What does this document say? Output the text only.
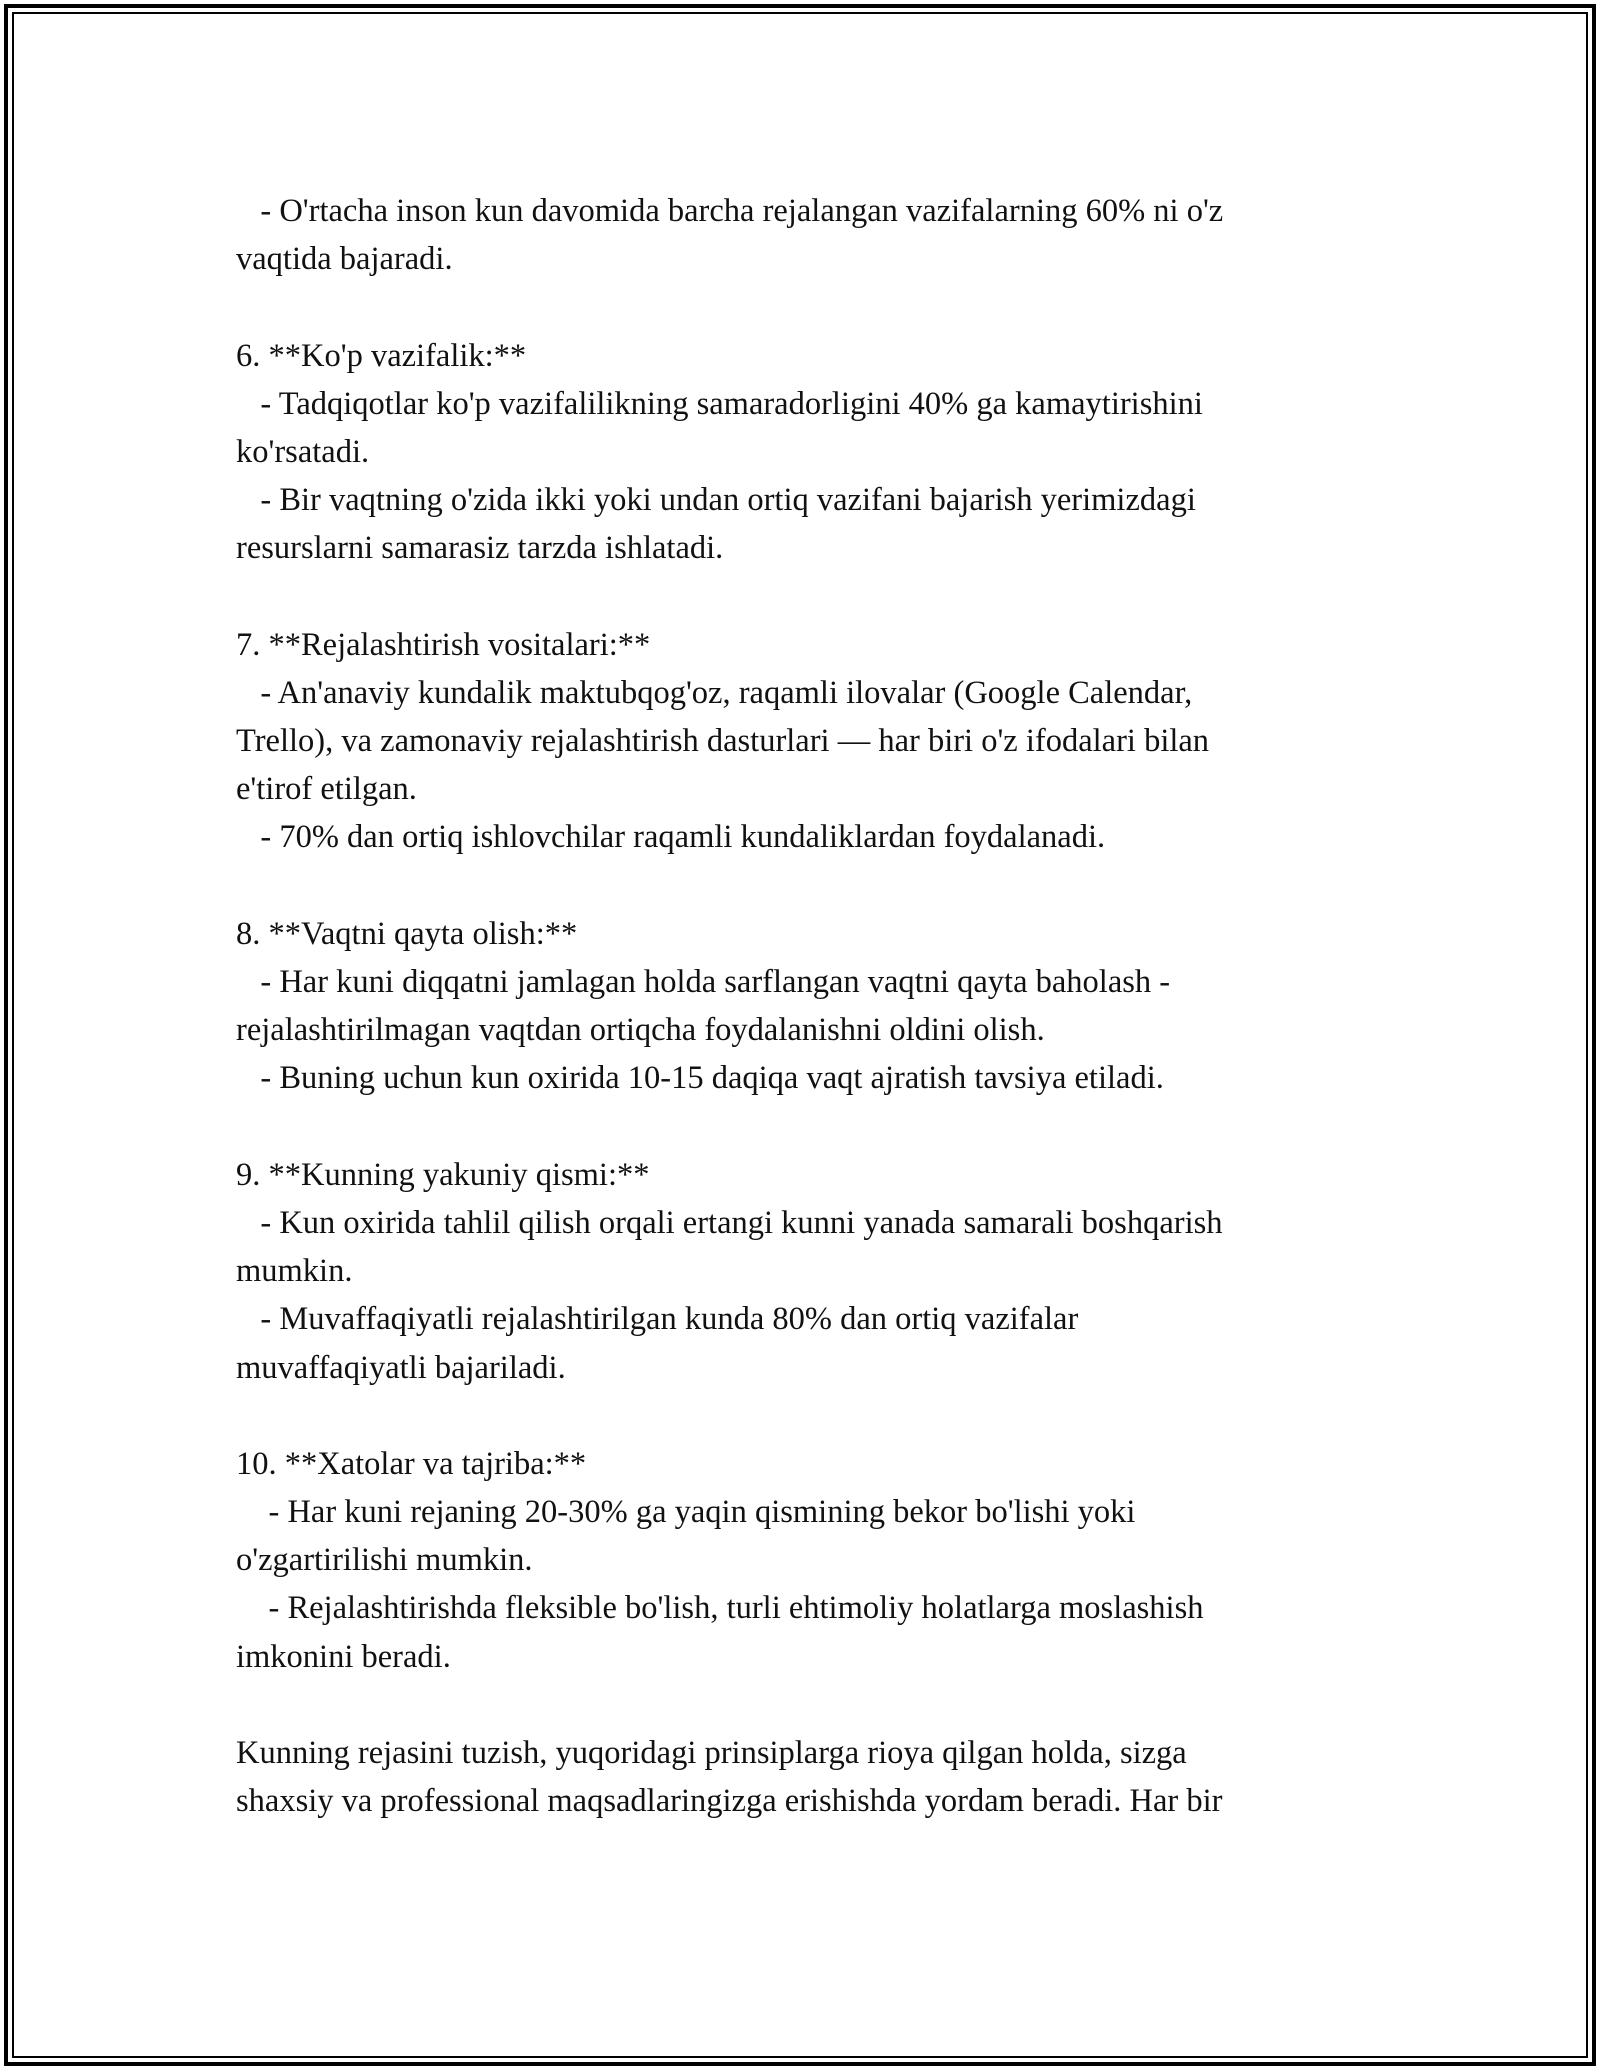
- O'rtacha inson kun davomida barcha rejalangan vazifalarning 60% ni o'z
vaqtida bajaradi.
6. **Ko'p vazifalik:**
- Tadqiqotlar ko'p vazifalilikning samaradorligini 40% ga kamaytirishini
ko'rsatadi.
- Bir vaqtning o'zida ikki yoki undan ortiq vazifani bajarish yerimizdagi
resurslarni samarasiz tarzda ishlatadi.
7. **Rejalashtirish vositalari:**
- An'anaviy kundalik maktubqog'oz, raqamli ilovalar (Google Calendar,
Trello), va zamonaviy rejalashtirish dasturlari — har biri o'z ifodalari bilan
e'tirof etilgan.
- 70% dan ortiq ishlovchilar raqamli kundaliklardan foydalanadi.
8. **Vaqtni qayta olish:**
- Har kuni diqqatni jamlagan holda sarflangan vaqtni qayta baholash -
rejalashtirilmagan vaqtdan ortiqcha foydalanishni oldini olish.
- Buning uchun kun oxirida 10-15 daqiqa vaqt ajratish tavsiya etiladi.
9. **Kunning yakuniy qismi:**
- Kun oxirida tahlil qilish orqali ertangi kunni yanada samarali boshqarish
mumkin.
- Muvaffaqiyatli rejalashtirilgan kunda 80% dan ortiq vazifalar
muvaffaqiyatli bajariladi.
10. **Xatolar va tajriba:**
- Har kuni rejaning 20-30% ga yaqin qismining bekor bo'lishi yoki
o'zgartirilishi mumkin.
- Rejalashtirishda fleksible bo'lish, turli ehtimoliy holatlarga moslashish
imkonini beradi.
Kunning rejasini tuzish, yuqoridagi prinsiplarga rioya qilgan holda, sizga
shaxsiy va professional maqsadlaringizga erishishda yordam beradi. Har bir
